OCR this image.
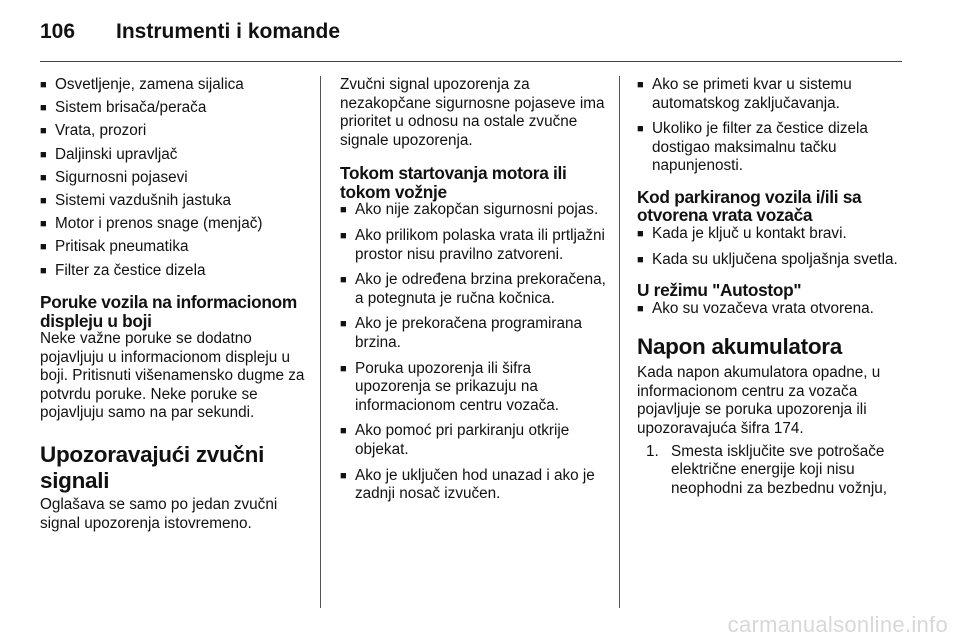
106 Instrumenti i komande
■ Osvetljenje, zamena sijalica
■ Sistem brisača/perača
■ Vrata, prozori
■ Daljinski upravljač
■ Sigurnosni pojasevi
■ Sistemi vazdušnih jastuka
■ Motor i prenos snage (menjač)
■ Pritisak pneumatika
■ Filter za čestice dizela
Poruke vozila na informacionom displeju u boji

Neke važne poruke se dodatno pojavljuju u informacionom displeju u boji. Pritisnuti višenamensko dugme za potvrdu poruke. Neke poruke se pojavljuju samo na par sekundi.

Upozoravajući zvučni signali

Oglašava se samo po jedan zvučni signal upozorenja istovremeno.

Zvučni signal upozorenja za nezakopčane sigurnosne pojaseve ima prioritet u odnosu na ostale zvučne signale upozorenja.

Tokom startovanja motora ili tokom vožnje
■ Ako nije zakopčan sigurnosni pojas.
■ Ako prilikom polaska vrata ili prtljažni prostor nisu pravilno zatvoreni.
■ Ako je određena brzina prekoračena, a potegnuta je ručna kočnica.
■ Ako je prekoračena programirana brzina.
■ Poruka upozorenja ili šifra upozorenja se prikazuju na informacionom centru vozača.
■ Ako pomoć pri parkiranju otkrije objekat.
■ Ako je uključen hod unazad i ako je zadnji nosač izvučen.
■ Ako se primeti kvar u sistemu automatskog zaključavanja.
■ Ukoliko je filter za čestice dizela dostigao maksimalnu tačku napunjenosti.
Kod parkiranog vozila i/ili sa otvorena vrata vozača
■ Kada je ključ u kontakt bravi.
■ Kada su uključena spoljašnja svetla.
U režimu "Autostop"
■ Ako su vozačeva vrata otvorena.
Napon akumulatora

Kada napon akumulatora opadne, u informacionom centru za vozača pojavljuje se poruka upozorenja ili upozoravajuća šifra 174.

1. Smesta isključite sve potrošače električne energije koji nisu neophodni za bezbednu vožnju,
carmanualsonline.info
